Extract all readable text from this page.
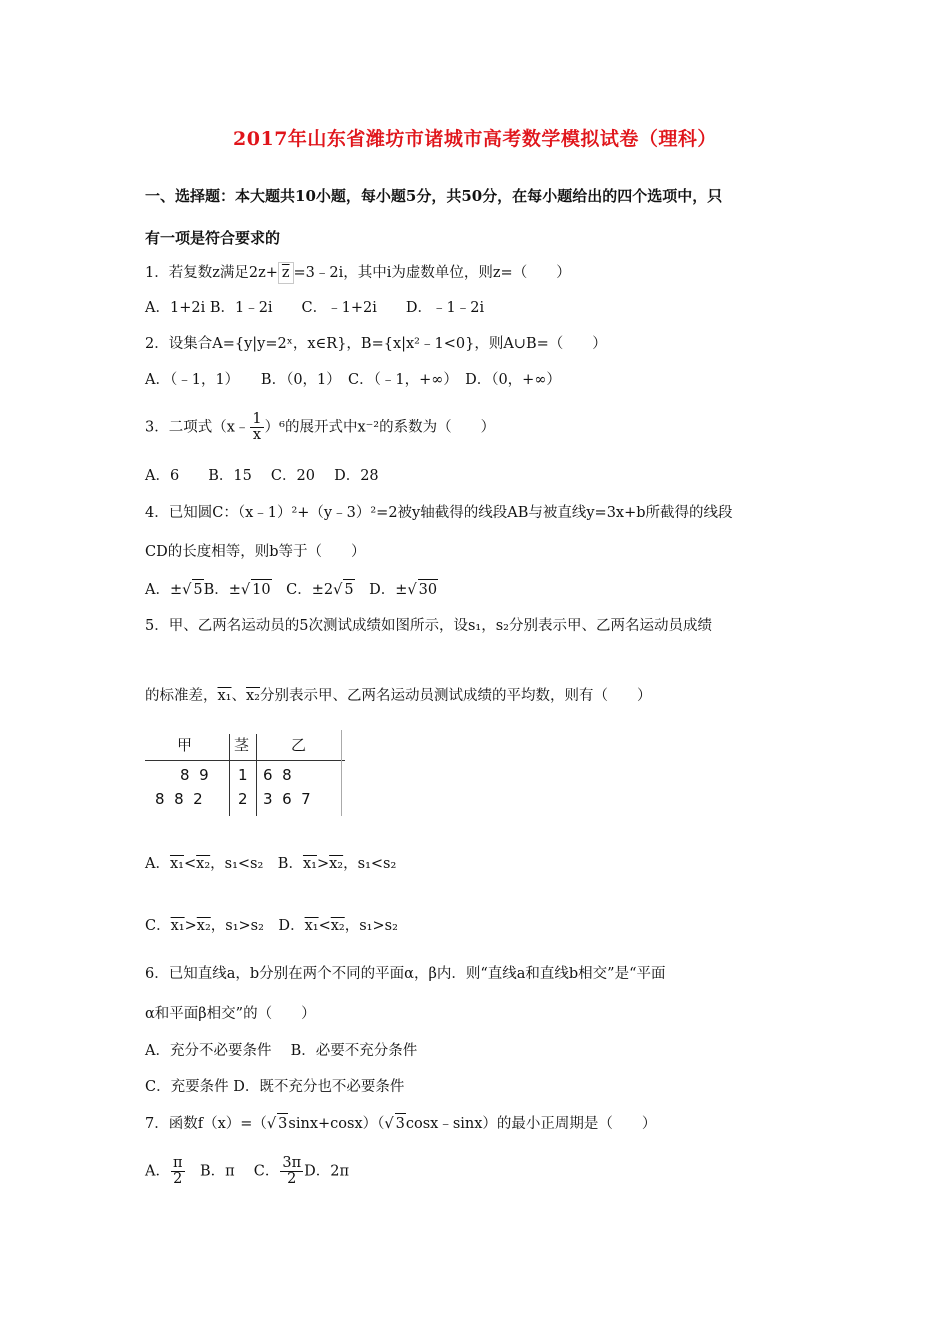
2017年山东省潍坊市诸城市高考数学模拟试卷（理科）
一、选择题：本大题共10小题，每小题5分，共50分，在每小题给出的四个选项中，只
有一项是符合要求的
1．若复数z满足$2z+ \overline{z}$ =3﹣2i，其中i为虚数单位，则z=（　　）
A．1+2i B．1﹣2i　　C．﹣1+2i　　D．﹣1﹣2i
2．设集合A={y|y=2ˣ，x∈R}，B={x|x²﹣1<0}，则A∪B=（　　）
A．（﹣1，1）　　B．（0，1）　C．（﹣1，+∞）　D．（0，+∞）
3．二项式（x﹣ $\frac{1}{x} )^6$的展开式中x⁻²的系数为（　　）
A．6　　B．15　 C．20　 D．28
4．已知圆C：（x﹣1）²+（y﹣3）²=2被y轴截得的线段AB与被直线y=3x+b所截得的线段
CD的长度相等，则b等于（　　）
A．±√ 5B．±√ 10　C．±2√ 5　D．±√ 30
5．甲、乙两名运动员的5次测试成绩如图所示，设s₁，s₂分别表示甲、乙两名运动员成绩
的标准差，x₁、x₂分别表示甲、乙两名运动员测试成绩的平均数，则有（　　）
甲	茎	乙
8  9 1 6  8
8  8  2 2 3  6  7
A．x₁<x₂，s₁<s₂　B．x₁>x₂，s₁<s₂
C．x₁>x₂，s₁>s₂　D．x₁<x₂，s₁>s₂
6．已知直线a，b分别在两个不同的平面α，β内．则“直线a和直线b相交”是“平面
α和平面β相交”的（　　）
A．充分不必要条件　 B．必要不充分条件
C．充要条件 D．既不充分也不必要条件
7．函数f（x）=（√ 3sinx+cosx）（√ 3cosx﹣sinx）的最小正周期是（　　）
A． $\frac{\pi}{2}$ 　B．π　 C． $\frac{3\pi}{2}$ D．2π
